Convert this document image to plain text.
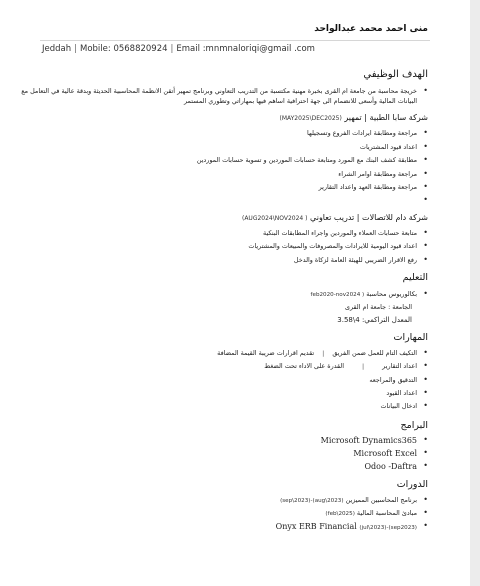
منى احمد محمد عبدالواحد
Jeddah | Mobile: 0568820924 | Email :mnmnaloriqi@gmail .com
الهدف الوظيفي
• خريجة محاسبة من جامعة ام القرى بخبرة مهنية مكتسبة من التدريب التعاوني وبرنامج تمهير أتقن الانظمة المحاسبية الحديثة وبدقة عالية في التعامل مع البيانات المالية وأسعى للانضمام الى جهة احترافية اساهم فيها بمهاراتي وتطوري المستمر
شركة سابا الطبية | تمهير (MAY2025\DEC2025)
• مراجعة ومطابقة ايرادات الفروع وتسجيلها
• اعداد قيود المشتريات
• مطابقة كشف البنك مع المورد ومتابعة حسابات الموردين و تسوية حسابات الموردين
• مراجعة ومطابقة اوامر الشراء
• مراجعة ومطابقة العهد واعداد التقارير
•
شركة دام للاتصالات | تدريب تعاوني ( AUG2024\NOV2024)
• متابعة حسابات العملاء والموردين واجراء المطابقات البنكية
• اعداد قيود اليومية للايرادات والمصروفات والمبيعات والمشتريات
• رفع الاقرار الضريبي للهيئة العامة لزكاة والدخل
التعليم
• بكالوريوس محاسبة ( feb2020-nov2024
الجامعة : جامعة ام القرى
المعدل التراكمي: 4\3.58
المهارات
• التكيف التام للعمل ضمن الفريق|تقديم اقرارات ضريبة القيمة المضافة
• اعداد التقارير|القدرة على الاداء تحت الضغط
• التدقيق والمراجعه
• اعداد القيود
• ادخال البيانات
البرامج
• Microsoft Dynamics365
• Microsoft Excel
• Odoo -Daftra
الدورات
• برنامج المحاسبين المميزين (aug\2023)-(sep\2023)
• مبادئ المحاسبة المالية (feb\2025)
• Onyx ERB Financial (jul\2023)-(sep2023)
